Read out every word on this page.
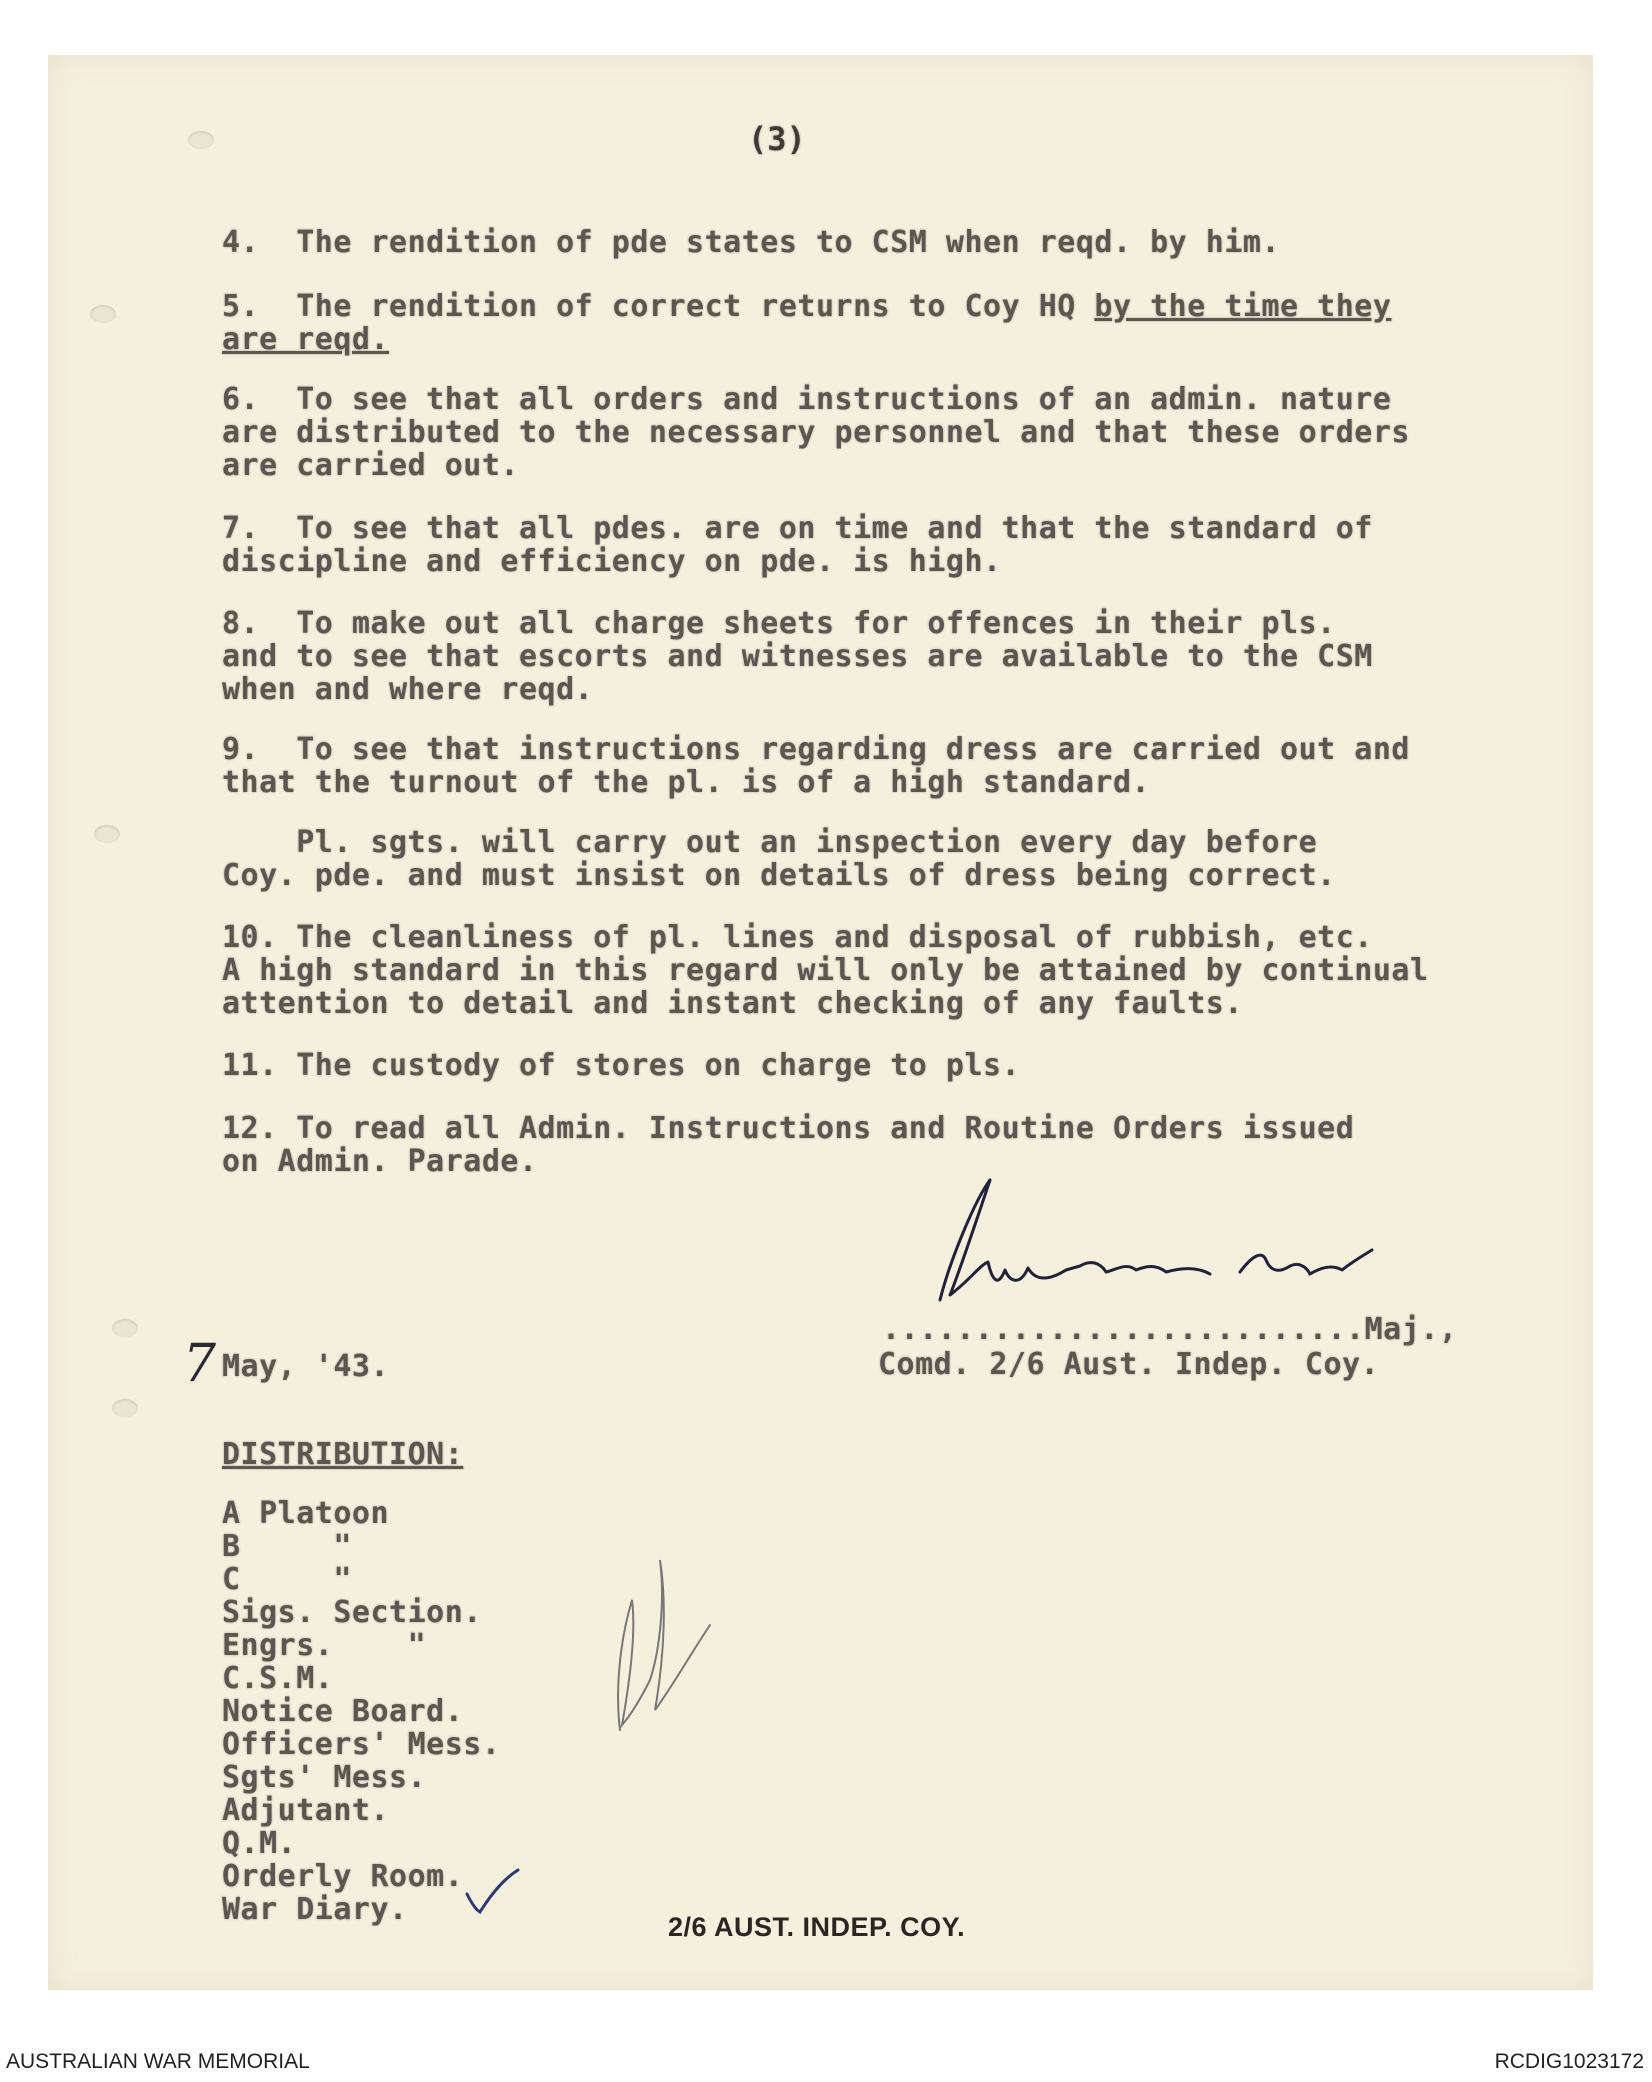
(3)
4.  The rendition of pde states to CSM when reqd. by him.
5.  The rendition of correct returns to Coy HQ by the time they
are reqd.
6.  To see that all orders and instructions of an admin. nature
are distributed to the necessary personnel and that these orders
are carried out.
7.  To see that all pdes. are on time and that the standard of
discipline and efficiency on pde. is high.
8.  To make out all charge sheets for offences in their pls.
and to see that escorts and witnesses are available to the CSM
when and where reqd.
9.  To see that instructions regarding dress are carried out and
that the turnout of the pl. is of a high standard.
Pl. sgts. will carry out an inspection every day before
Coy. pde. and must insist on details of dress being correct.
10. The cleanliness of pl. lines and disposal of rubbish, etc.
A high standard in this regard will only be attained by continual
attention to detail and instant checking of any faults.
11. The custody of stores on charge to pls.
12. To read all Admin. Instructions and Routine Orders issued
on Admin. Parade.
..........................Maj.,
Comd. 2/6 Aust. Indep. Coy.
7 May, '43.
DISTRIBUTION:
A Platoon
B     "
C     "
Sigs. Section.
Engrs.    "
C.S.M.
Notice Board.
Officers' Mess.
Sgts' Mess.
Adjutant.
Q.M.
Orderly Room.
War Diary.	2/6 AUST. INDEP. COY.
AUSTRALIAN WAR MEMORIAL	RCDIG1023172
